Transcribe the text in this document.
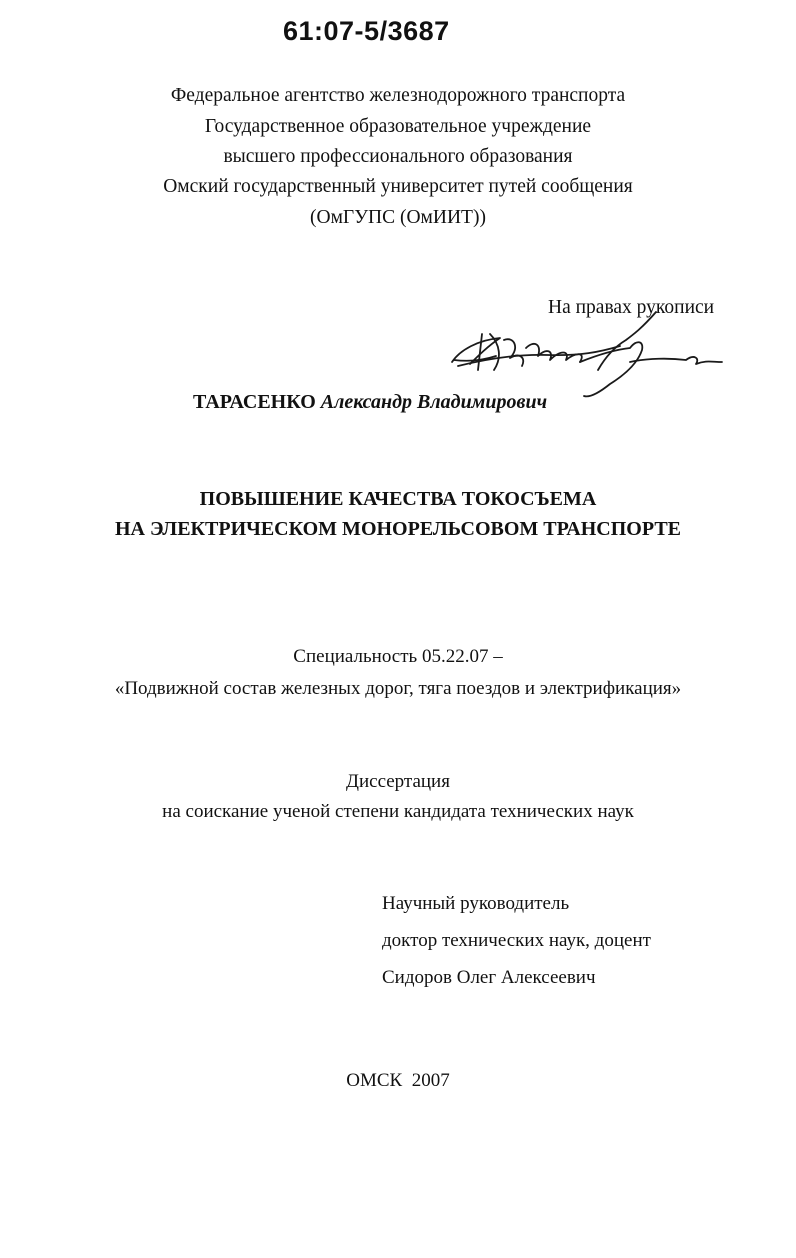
61:07-5/3687
Федеральное агентство железнодорожного транспорта
Государственное образовательное учреждение
высшего профессионального образования
Омский государственный университет путей сообщения
(ОмГУПС (ОмИИТ))
На правах рукописи
ТАРАСЕНКО Александр Владимирович
ПОВЫШЕНИЕ КАЧЕСТВА ТОКОСЪЕМА
НА ЭЛЕКТРИЧЕСКОМ МОНОРЕЛЬСОВОМ ТРАНСПОРТЕ
Специальность 05.22.07 –
«Подвижной состав железных дорог, тяга поездов и электрификация»
Диссертация
на соискание ученой степени кандидата технических наук
Научный руководитель
доктор технических наук, доцент
Сидоров Олег Алексеевич
ОМСК  2007
